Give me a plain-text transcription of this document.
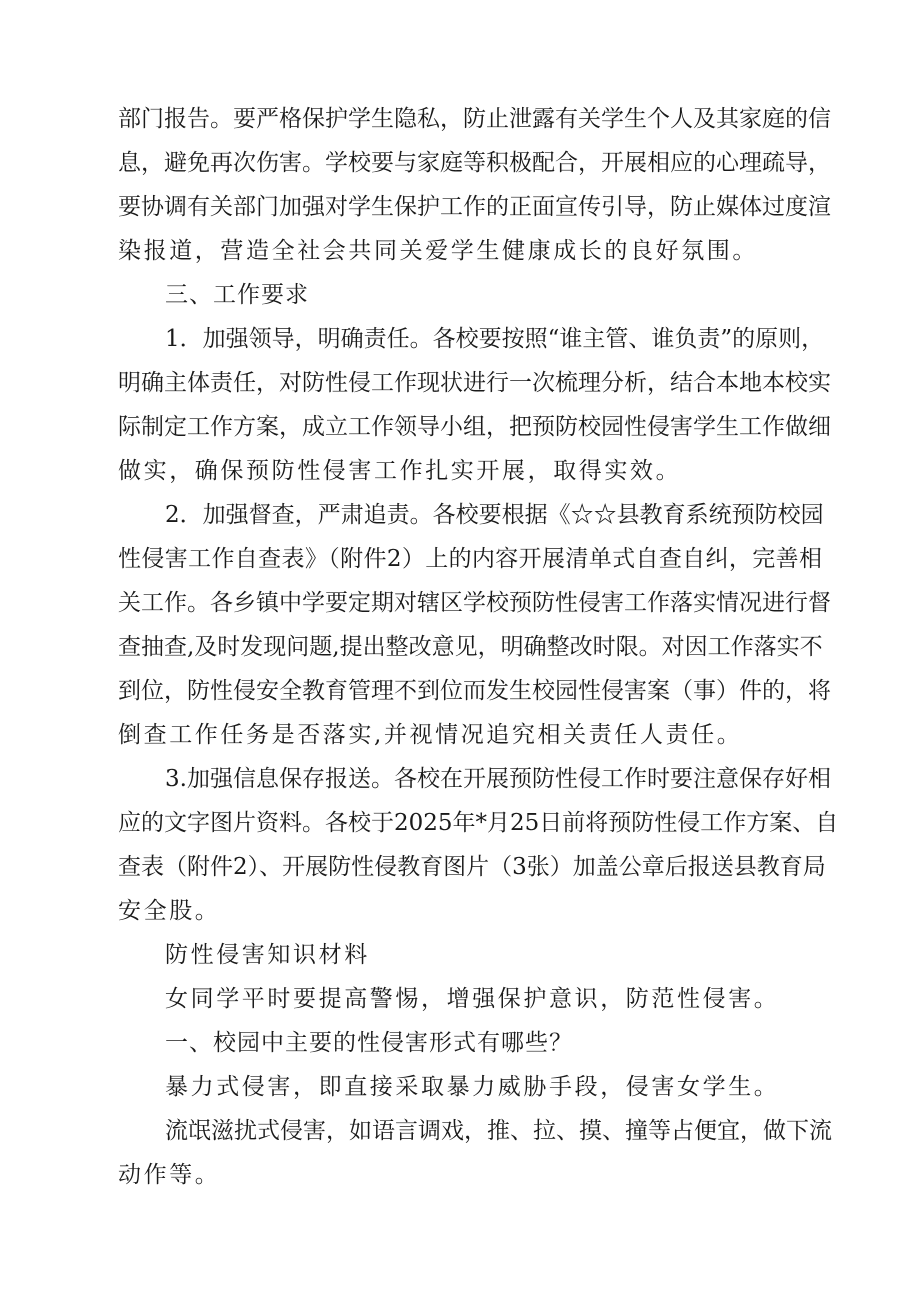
部门报告。要严格保护学生隐私，防止泄露有关学生个人及其家庭的信
息，避免再次伤害。学校要与家庭等积极配合，开展相应的心理疏导，
要协调有关部门加强对学生保护工作的正面宣传引导，防止媒体过度渲
染报道，营造全社会共同关爱学生健康成长的良好氛围。
三、工作要求
1．加强领导，明确责任。各校要按照“谁主管、谁负责”的原则，
明确主体责任，对防性侵工作现状进行一次梳理分析，结合本地本校实
际制定工作方案，成立工作领导小组，把预防校园性侵害学生工作做细
做实，确保预防性侵害工作扎实开展，取得实效。
2．加强督查，严肃追责。各校要根据《☆☆县教育系统预防校园
性侵害工作自查表》（附件2）上的内容开展清单式自查自纠，完善相
关工作。各乡镇中学要定期对辖区学校预防性侵害工作落实情况进行督
查抽查,及时发现问题,提出整改意见，明确整改时限。对因工作落实不
到位，防性侵安全教育管理不到位而发生校园性侵害案（事）件的，将
倒查工作任务是否落实,并视情况追究相关责任人责任。
3.加强信息保存报送。各校在开展预防性侵工作时要注意保存好相
应的文字图片资料。各校于2025年*月25日前将预防性侵工作方案、自
查表（附件2）、开展防性侵教育图片（3张）加盖公章后报送县教育局
安全股。
防性侵害知识材料
女同学平时要提高警惕，增强保护意识，防范性侵害。
一、校园中主要的性侵害形式有哪些？
暴力式侵害，即直接采取暴力威胁手段，侵害女学生。
流氓滋扰式侵害，如语言调戏，推、拉、摸、撞等占便宜，做下流
动作等。
